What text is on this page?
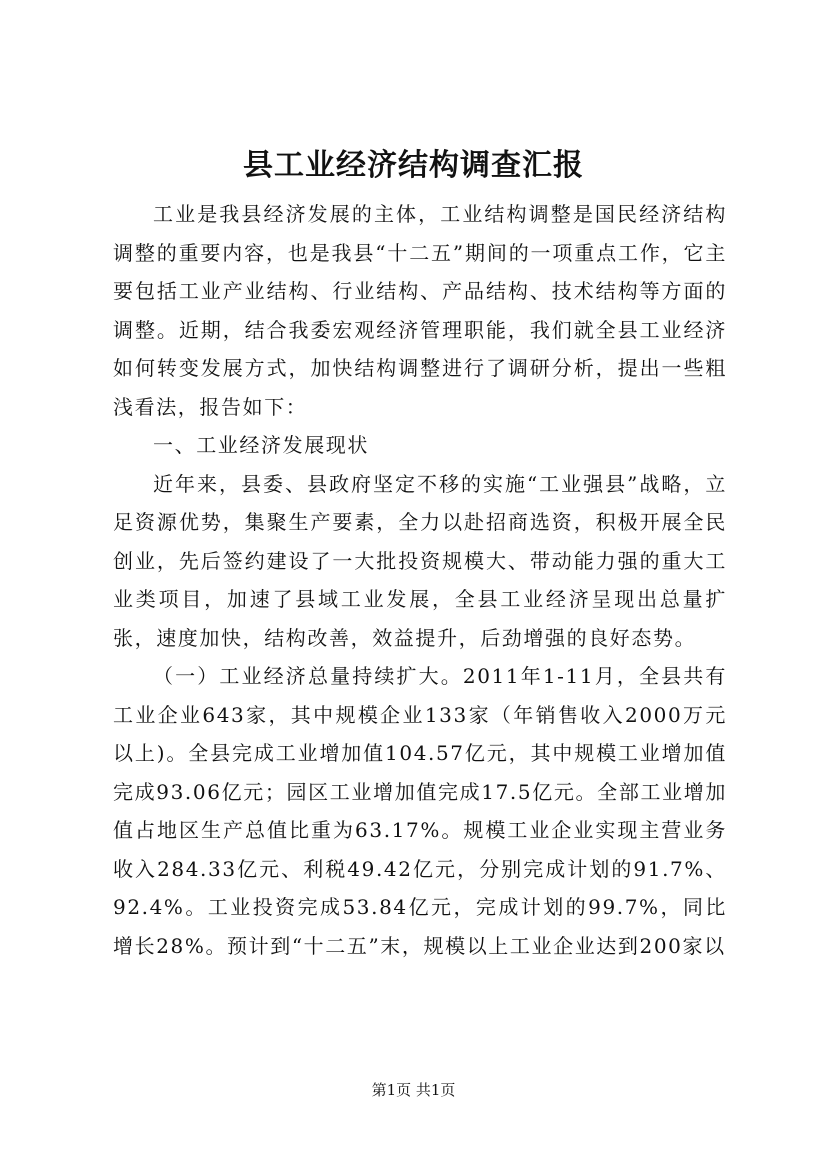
县工业经济结构调查汇报

工业是我县经济发展的主体，工业结构调整是国民经济结构调整的重要内容，也是我县“十二五”期间的一项重点工作，它主要包括工业产业结构、行业结构、产品结构、技术结构等方面的调整。近期，结合我委宏观经济管理职能，我们就全县工业经济如何转变发展方式，加快结构调整进行了调研分析，提出一些粗浅看法，报告如下：

一、工业经济发展现状

近年来，县委、县政府坚定不移的实施“工业强县”战略，立足资源优势，集聚生产要素，全力以赴招商选资，积极开展全民创业，先后签约建设了一大批投资规模大、带动能力强的重大工业类项目，加速了县域工业发展，全县工业经济呈现出总量扩张，速度加快，结构改善，效益提升，后劲增强的良好态势。

（一）工业经济总量持续扩大。2011年1-11月，全县共有工业企业643家，其中规模企业133家（年销售收入2000万元以上)。全县完成工业增加值104.57亿元，其中规模工业增加值完成93.06亿元；园区工业增加值完成17.5亿元。全部工业增加值占地区生产总值比重为63.17%。规模工业企业实现主营业务收入284.33亿元、利税49.42亿元，分别完成计划的91.7%、92.4%。工业投资完成53.84亿元，完成计划的99.7%，同比增长28%。预计到“十二五”末，规模以上工业企业达到200家以

第1页 共1页
